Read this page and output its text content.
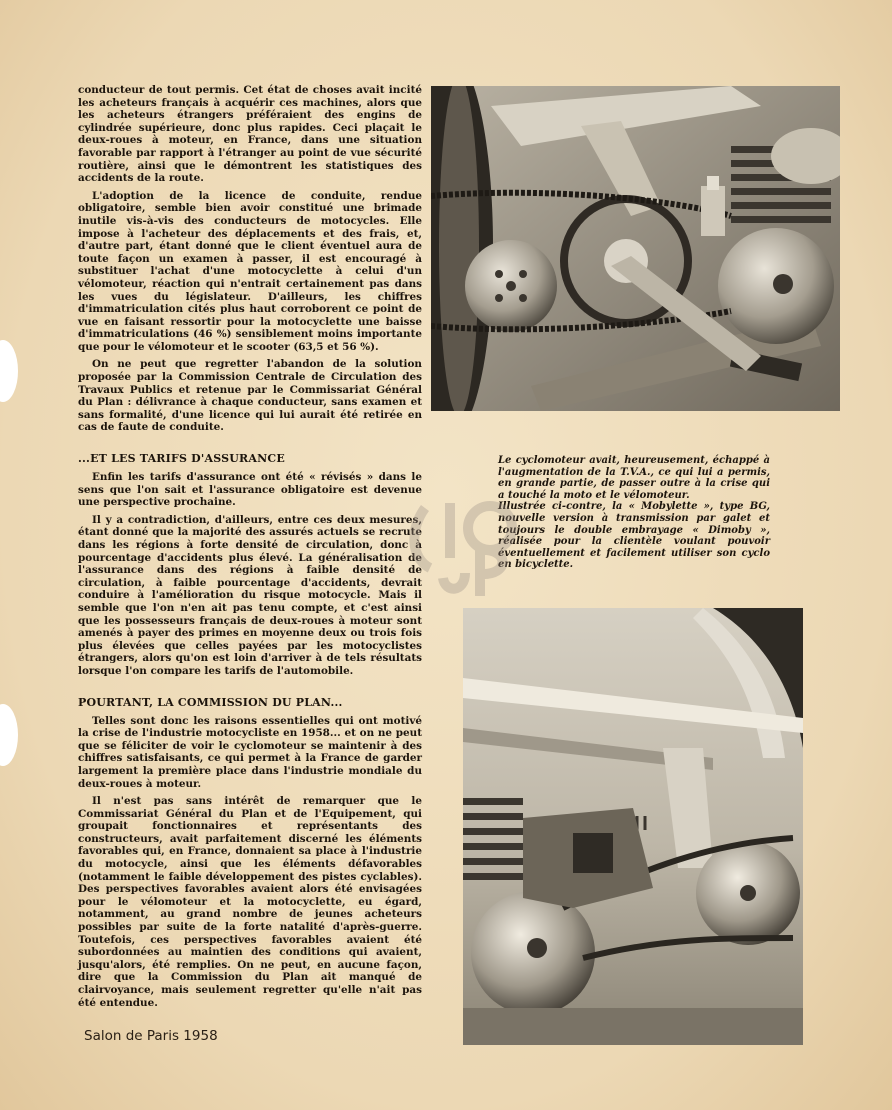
conducteur de tout permis. Cet état de choses avait incité les acheteurs français à acquérir ces machines, alors que les acheteurs étrangers préféraient des engins de cylindrée supérieure, donc plus rapides. Ceci plaçait le deux-roues à moteur, en France, dans une situation favorable par rapport à l'étranger au point de vue sécurité routière, ainsi que le démontrent les statistiques des accidents de la route.

L'adoption de la licence de conduite, rendue obligatoire, semble bien avoir constitué une brimade inutile vis-à-vis des conducteurs de motocycles. Elle impose à l'acheteur des déplacements et des frais, et, d'autre part, étant donné que le client éventuel aura de toute façon un examen à passer, il est encouragé à substituer l'achat d'une motocyclette à celui d'un vélomoteur, réaction qui n'entrait certainement pas dans les vues du législateur. D'ailleurs, les chiffres d'immatriculation cités plus haut corroborent ce point de vue en faisant ressortir pour la motocyclette une baisse d'immatriculations (46 %) sensiblement moins importante que pour le vélomoteur et le scooter (63,5 et 56 %).

On ne peut que regretter l'abandon de la solution proposée par la Commission Centrale de Circulation des Travaux Publics et retenue par le Commissariat Général du Plan : délivrance à chaque conducteur, sans examen et sans formalité, d'une licence qui lui aurait été retirée en cas de faute de conduite.

...ET LES TARIFS D'ASSURANCE

Enfin les tarifs d'assurance ont été « révisés » dans le sens que l'on sait et l'assurance obligatoire est devenue une perspective prochaine.

Il y a contradiction, d'ailleurs, entre ces deux mesures, étant donné que la majorité des assurés actuels se recrute dans les régions à forte densité de circulation, donc à pourcentage d'accidents plus élevé. La généralisation de l'assurance dans des régions à faible densité de circulation, à faible pourcentage d'accidents, devrait conduire à l'amélioration du risque motocycle. Mais il semble que l'on n'en ait pas tenu compte, et c'est ainsi que les possesseurs français de deux-roues à moteur sont amenés à payer des primes en moyenne deux ou trois fois plus élevées que celles payées par les motocyclistes étrangers, alors qu'on est loin d'arriver à de tels résultats lorsque l'on compare les tarifs de l'automobile.

POURTANT, LA COMMISSION DU PLAN...

Telles sont donc les raisons essentielles qui ont motivé la crise de l'industrie motocycliste en 1958... et on ne peut que se féliciter de voir le cyclomoteur se maintenir à des chiffres satisfaisants, ce qui permet à la France de garder largement la première place dans l'industrie mondiale du deux-roues à moteur.

Il n'est pas sans intérêt de remarquer que le Commissariat Général du Plan et de l'Equipement, qui groupait fonctionnaires et représentants des constructeurs, avait parfaitement discerné les éléments favorables qui, en France, donnaient sa place à l'industrie du motocycle, ainsi que les éléments défavorables (notamment le faible développement des pistes cyclables). Des perspectives favorables avaient alors été envisagées pour le vélomoteur et la motocyclette, eu égard, notamment, au grand nombre de jeunes acheteurs possibles par suite de la forte natalité d'après-guerre. Toutefois, ces perspectives favorables avaient été subordonnées au maintien des conditions qui avaient, jusqu'alors, été remplies. On ne peut, en aucune façon, dire que la Commission du Plan ait manqué de clairvoyance, mais seulement regretter qu'elle n'ait pas été entendue.

Salon de Paris 1958

Le cyclomoteur avait, heureusement, échappé à l'augmentation de la T.V.A., ce qui lui a permis, en grande partie, de passer outre à la crise qui a touché la moto et le vélomoteur.

Illustrée ci-contre, la « Mobylette », type BG, nouvelle version à transmission par galet et toujours le double embrayage « Dimoby », réalisée pour la clientèle voulant pouvoir éventuellement et facilement utiliser son cyclo en bicyclette.
